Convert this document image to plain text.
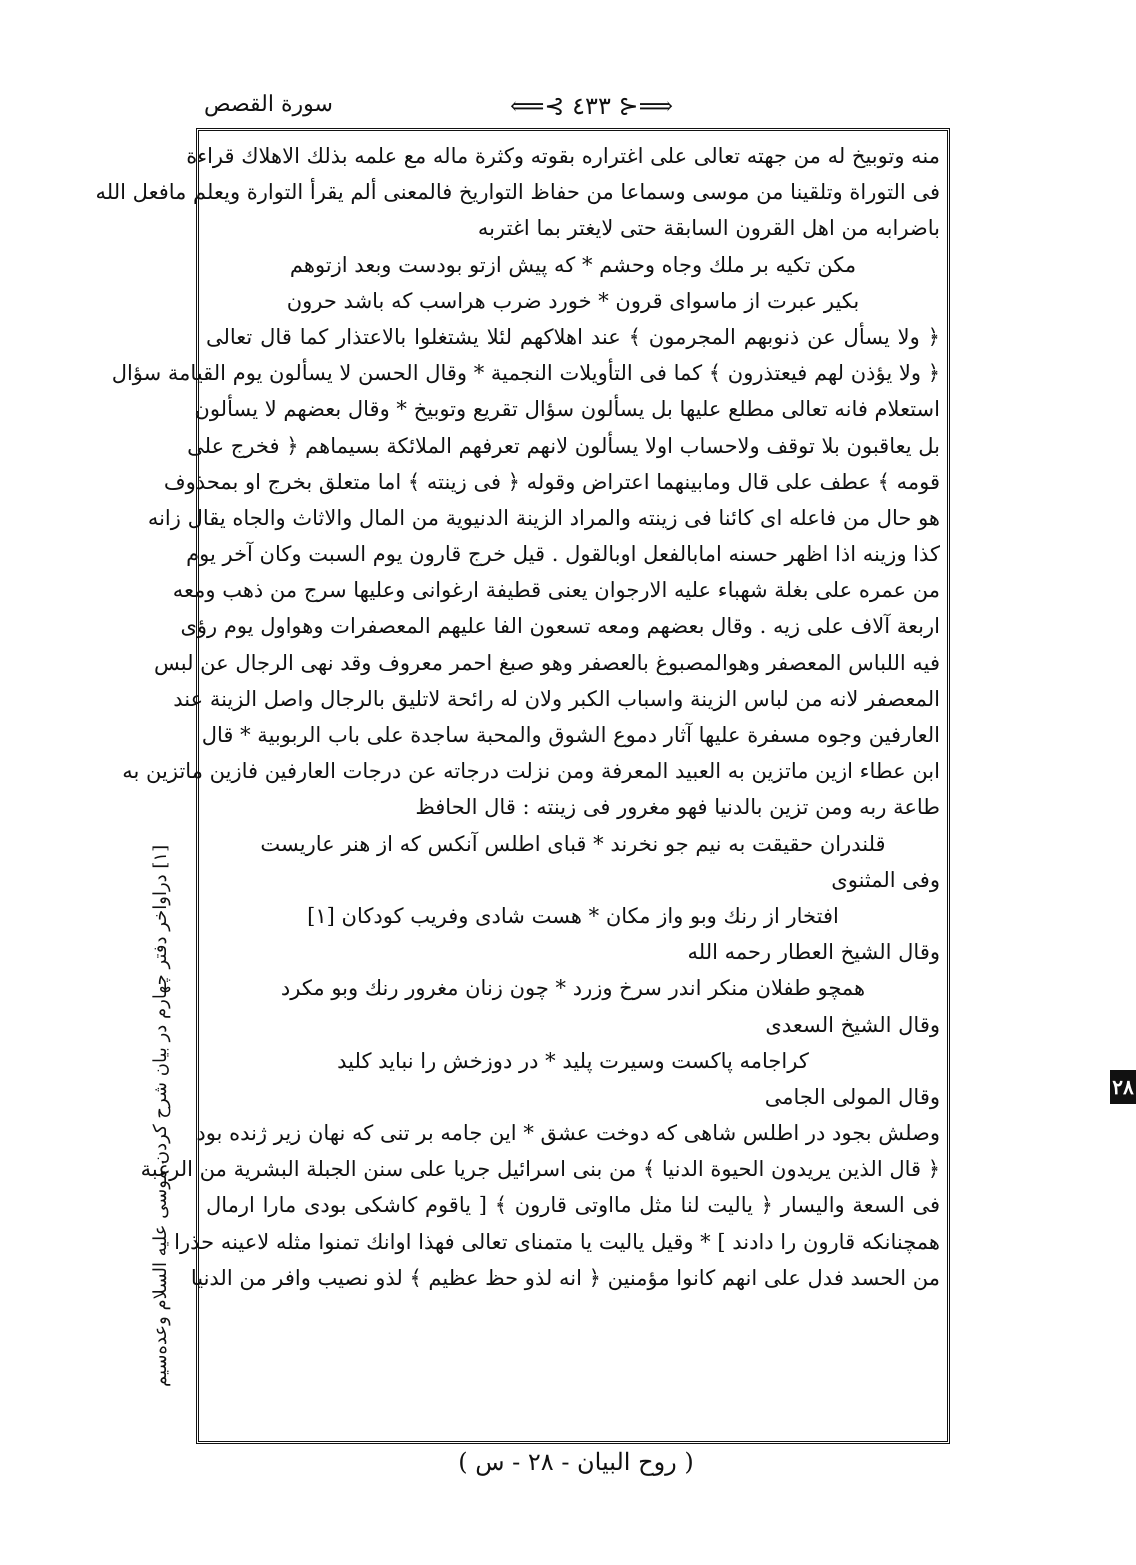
سورة القصص	⟸⊰ ٤٣٣ ⊱⟹
منه وتوبيخ له من جهته تعالى على اغتراره بقوته وكثرة ماله مع علمه بذلك الاهلاك قراءة
فى التوراة وتلقينا من موسى وسماعا من حفاظ التواريخ فالمعنى ألم يقرأ التوارة ويعلم مافعل الله
باضرابه من اهل القرون السابقة حتى لايغتر بما اغتربه
مكن تكيه بر ملك وجاه وحشم * كه پيش ازتو بودست وبعد ازتوهم
بكير عبرت از ماسواى قرون * خورد ضرب هراسب كه باشد حرون
﴿ ولا يسأل عن ذنوبهم المجرمون ﴾ عند اهلاكهم لئلا يشتغلوا بالاعتذار كما قال تعالى
﴿ ولا يؤذن لهم فيعتذرون ﴾ كما فى التأويلات النجمية * وقال الحسن لا يسألون يوم القيامة سؤال
استعلام فانه تعالى مطلع عليها بل يسألون سؤال تقريع وتوبيخ * وقال بعضهم لا يسألون
بل يعاقبون بلا توقف ولاحساب اولا يسألون لانهم تعرفهم الملائكة بسيماهم ﴿ فخرج على
قومه ﴾ عطف على قال ومابينهما اعتراض وقوله ﴿ فى زينته ﴾ اما متعلق بخرج او بمحذوف
هو حال من فاعله اى كائنا فى زينته والمراد الزينة الدنيوية من المال والاثاث والجاه يقال زانه
كذا وزينه اذا اظهر حسنه امابالفعل اوبالقول . قيل خرج قارون يوم السبت وكان آخر يوم
من عمره على بغلة شهباء عليه الارجوان يعنى قطيفة ارغوانى وعليها سرج من ذهب ومعه
اربعة آلاف على زيه . وقال بعضهم ومعه تسعون الفا عليهم المعصفرات وهواول يوم رؤى
فيه اللباس المعصفر وهوالمصبوغ بالعصفر وهو صبغ احمر معروف وقد نهى الرجال عن لبس
المعصفر لانه من لباس الزينة واسباب الكبر ولان له رائحة لاتليق بالرجال واصل الزينة عند
العارفين وجوه مسفرة عليها آثار دموع الشوق والمحبة ساجدة على باب الربوبية * قال
ابن عطاء ازين ماتزين به العبيد المعرفة ومن نزلت درجاته عن درجات العارفين فازين ماتزين به
طاعة ربه ومن تزين بالدنيا فهو مغرور فى زينته : قال الحافظ
قلندران حقيقت به نيم جو نخرند * قباى اطلس آنكس كه از هنر عاريست
وفى المثنوى
افتخار از رنك وبو واز مكان * هست شادى وفريب كودكان [١]
وقال الشيخ العطار رحمه الله
همچو طفلان منكر اندر سرخ وزرد * چون زنان مغرور رنك وبو مكرد
وقال الشيخ السعدى
كراجامه پاكست وسيرت پليد * در دوزخش را نبايد كليد
وقال المولى الجامى
وصلش بجود در اطلس شاهى كه دوخت عشق * اين جامه بر تنى كه نهان زير ژنده بود
﴿ قال الذين يريدون الحيوة الدنيا ﴾ من بنى اسرائيل جريا على سنن الجبلة البشرية من الرغبة
فى السعة واليسار ﴿ ياليت لنا مثل مااوتى قارون ﴾ [ ياقوم كاشكى بودى مارا ارمال
همچنانكه قارون را دادند ] * وقيل ياليت يا متمناى تعالى فهذا اوانك تمنوا مثله لاعينه حذرا
من الحسد فدل على انهم كانوا مؤمنين ﴿ انه لذو حظ عظيم ﴾ لذو نصيب وافر من الدنيا
[١] دراواخر دفتر چهارم در بيان شرح كردن موسى عليه السلام وعده‌سيم
٢٨
( روح البيان - ٢٨ - س )
